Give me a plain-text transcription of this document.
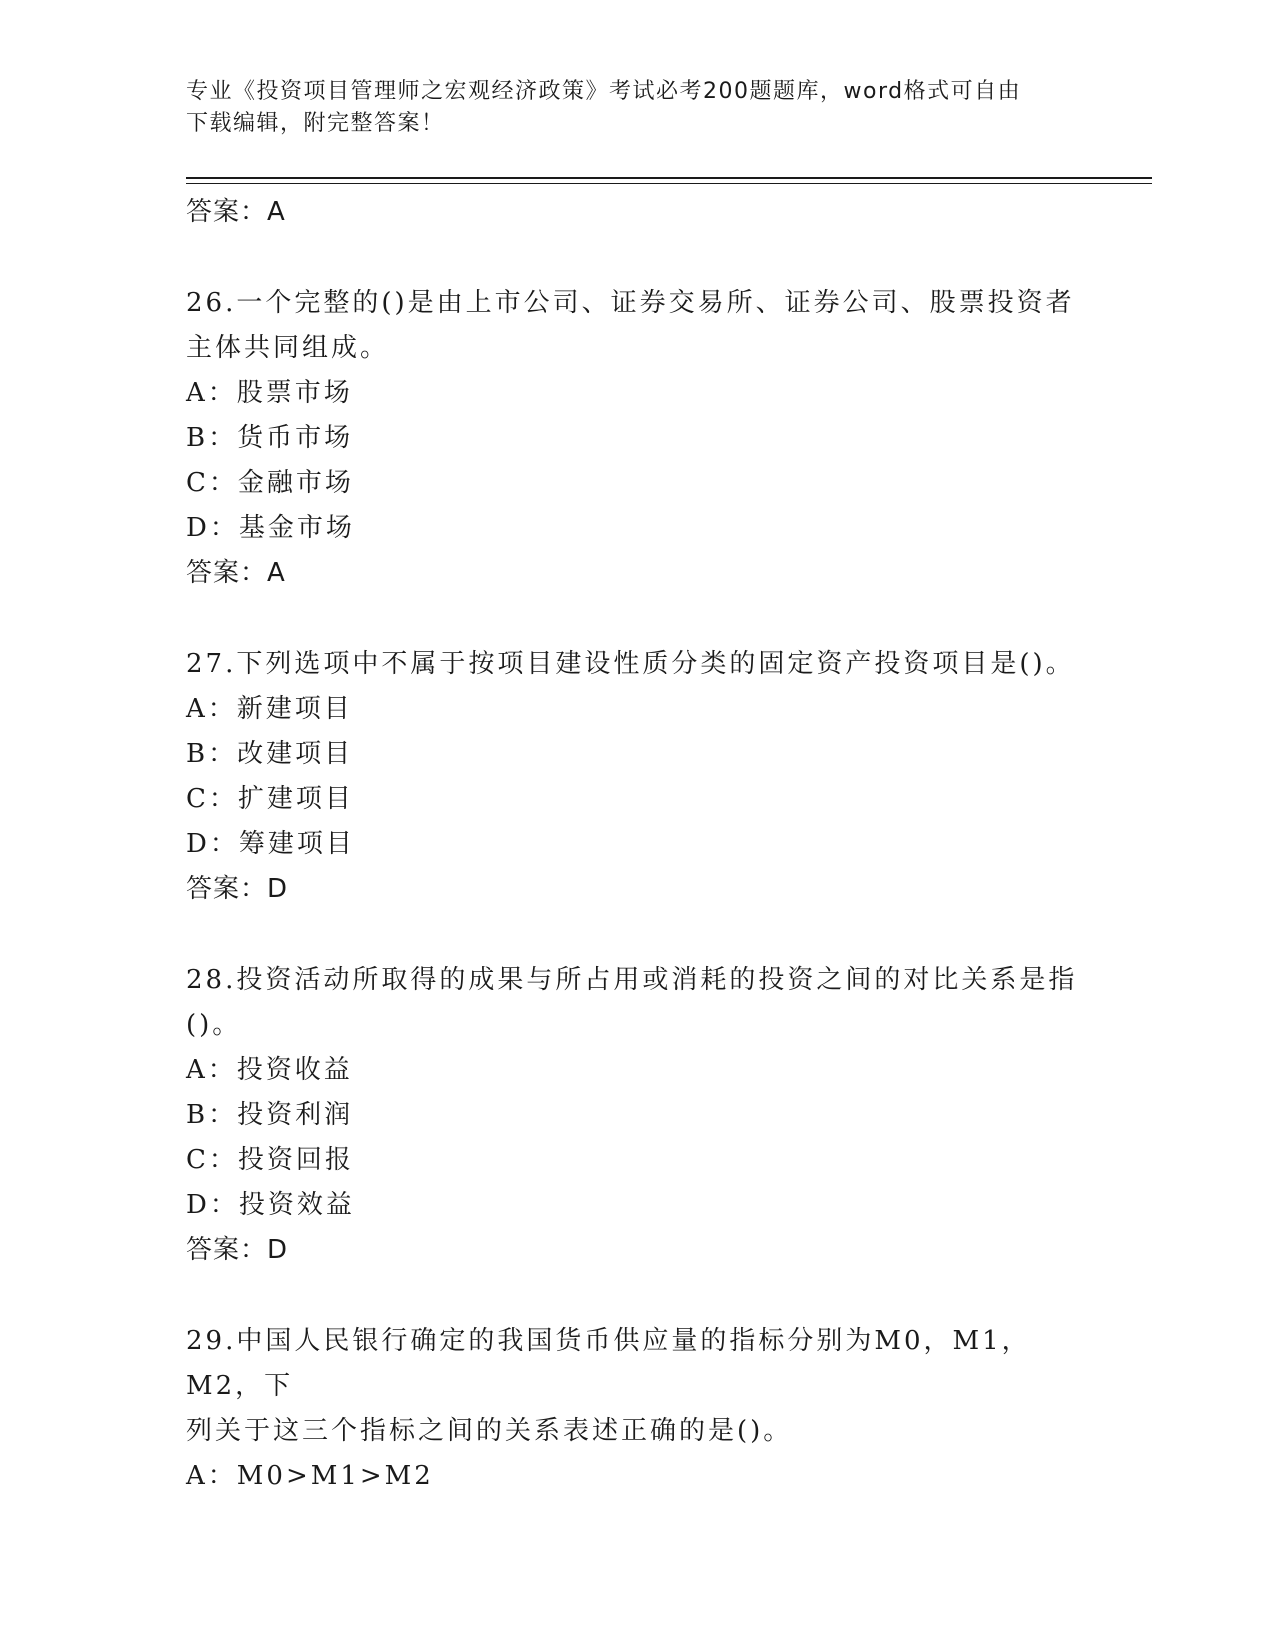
专业《投资项目管理师之宏观经济政策》考试必考200题题库，word格式可自由
下载编辑，附完整答案！
答案：A
26.一个完整的()是由上市公司、证券交易所、证券公司、股票投资者
主体共同组成。
A：股票市场
B：货币市场
C：金融市场
D：基金市场
答案：A
27.下列选项中不属于按项目建设性质分类的固定资产投资项目是()。
A：新建项目
B：改建项目
C：扩建项目
D：筹建项目
答案：D
28.投资活动所取得的成果与所占用或消耗的投资之间的对比关系是指
()。
A：投资收益
B：投资利润
C：投资回报
D：投资效益
答案：D
29.中国人民银行确定的我国货币供应量的指标分别为M0，M1，M2，下
列关于这三个指标之间的关系表述正确的是()。
A：M0>M1>M2
